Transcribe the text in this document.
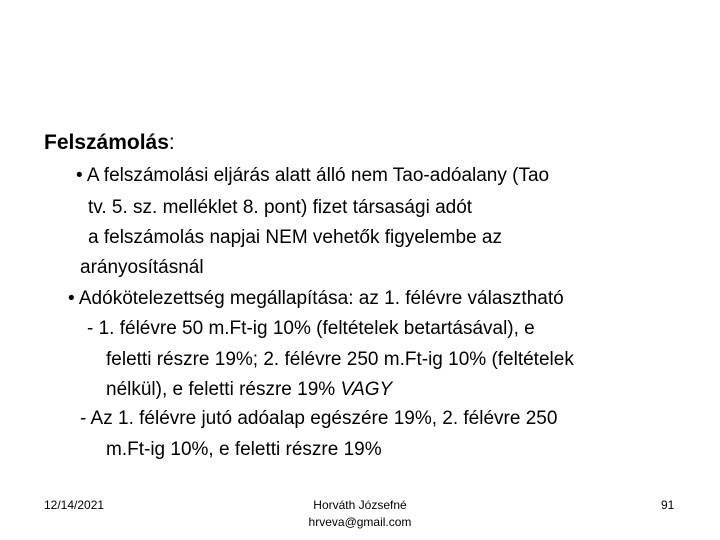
Felszámolás:
• A felszámolási eljárás alatt álló nem Tao-adóalany (Tao
tv. 5. sz. melléklet 8. pont) fizet társasági adót
a felszámolás napjai NEM vehetők figyelembe az
arányosításnál
• Adókötelezettség megállapítása: az 1. félévre választható
- 1. félévre 50 m.Ft-ig 10% (feltételek betartásával), e
feletti részre 19%; 2. félévre 250 m.Ft-ig 10% (feltételek
nélkül), e feletti részre 19% VAGY
- Az 1. félévre jutó adóalap egészére 19%, 2. félévre 250
m.Ft-ig 10%, e feletti részre 19%
12/14/2021	Horváth Józsefné
hrveva@gmail.com
91
